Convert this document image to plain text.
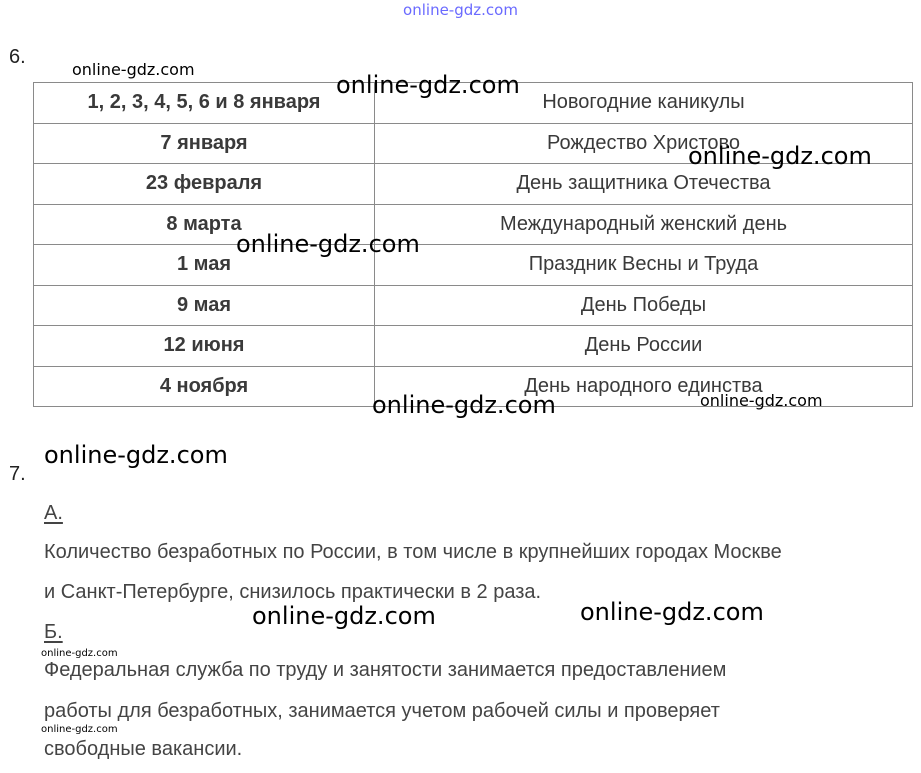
online-gdz.com
6.
1, 2, 3, 4, 5, 6 и 8 января	Новогодние каникулы
7 января	Рождество Христово
23 февраля	День защитника Отечества
8 марта	Международный женский день
1 мая	Праздник Весны и Труда
9 мая	День Победы
12 июня	День России
4 ноября	День народного единства
7.
А.
Количество безработных по России, в том числе в крупнейших городах Москве
и Санкт-Петербурге, снизилось практически в 2 раза.
Б.
Федеральная служба по труду и занятости занимается предоставлением
работы для безработных, занимается учетом рабочей силы и проверяет
свободные вакансии.
online-gdz.com
online-gdz.com
online-gdz.com
online-gdz.com
online-gdz.com	online-gdz.com
online-gdz.com
online-gdz.com	online-gdz.com
online-gdz.com
online-gdz.com
